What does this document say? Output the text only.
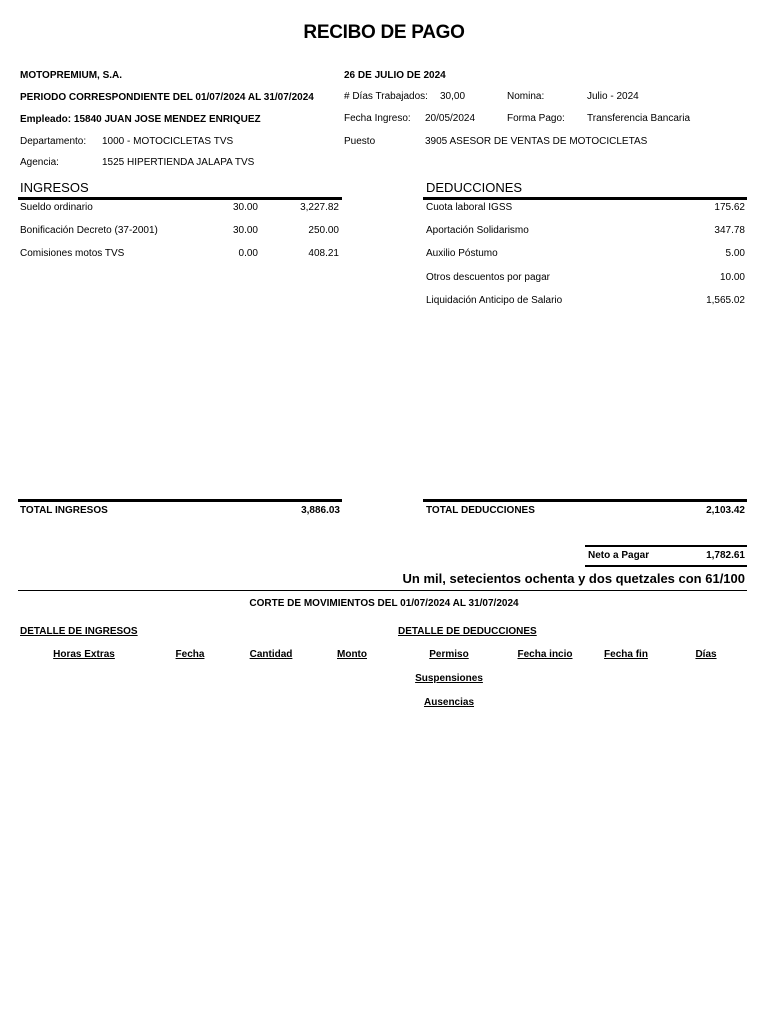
RECIBO DE PAGO
MOTOPREMIUM, S.A.
PERIODO CORRESPONDIENTE DEL 01/07/2024 AL 31/07/2024
Empleado: 15840 JUAN JOSE MENDEZ ENRIQUEZ
Departamento: 1000 - MOTOCICLETAS TVS
Agencia:	1525 HIPERTIENDA JALAPA TVS
26 DE JULIO DE 2024
# Días Trabajados: 30,00	Nomina:	Julio - 2024
Fecha Ingreso: 20/05/2024	Forma Pago: Transferencia Bancaria
Puesto	3905 ASESOR DE VENTAS DE MOTOCICLETAS
INGRESOS	DEDUCCIONES
Sueldo ordinario	30.00	3,227.82
Bonificación Decreto (37-2001)	30.00	250.00
Comisiones motos TVS	0.00	408.21
Cuota laboral IGSS	175.62
Aportación Solidarismo	347.78
Auxilio Póstumo	5.00
Otros descuentos por pagar	10.00
Liquidación Anticipo de Salario	1,565.02
TOTAL INGRESOS	3,886.03	TOTAL DEDUCCIONES	2,103.42
Neto a Pagar	1,782.61
Un mil, setecientos ochenta y dos quetzales con 61/100
CORTE DE MOVIMIENTOS DEL 01/07/2024 AL 31/07/2024
DETALLE DE INGRESOS	DETALLE DE DEDUCCIONES
Horas Extras	Fecha	Cantidad	Monto	Permiso	Fecha incio	Fecha fin	Días
Suspensiones
Ausencias
